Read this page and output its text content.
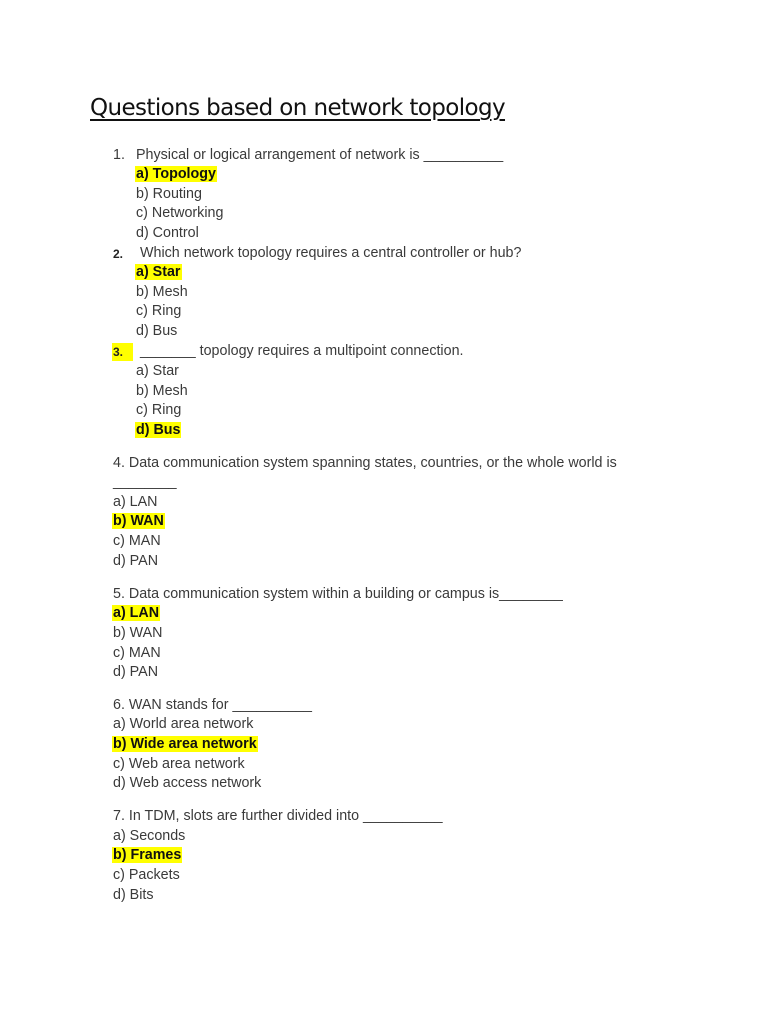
Questions based on network topology
1. Physical or logical arrangement of network is __________
a) Topology
b) Routing
c) Networking
d) Control
2. Which network topology requires a central controller or hub?
a) Star
b) Mesh
c) Ring
d) Bus
3.	_______ topology requires a multipoint connection.
a) Star
b) Mesh
c) Ring
d) Bus
4. Data communication system spanning states, countries, or the whole world is
________
a) LAN
b) WAN
c) MAN
d) PAN
5. Data communication system within a building or campus is________
a) LAN
b) WAN
c) MAN
d) PAN
6. WAN stands for __________
a) World area network
b) Wide area network
c) Web area network
d) Web access network
7. In TDM, slots are further divided into __________
a) Seconds
b) Frames
c) Packets
d) Bits
